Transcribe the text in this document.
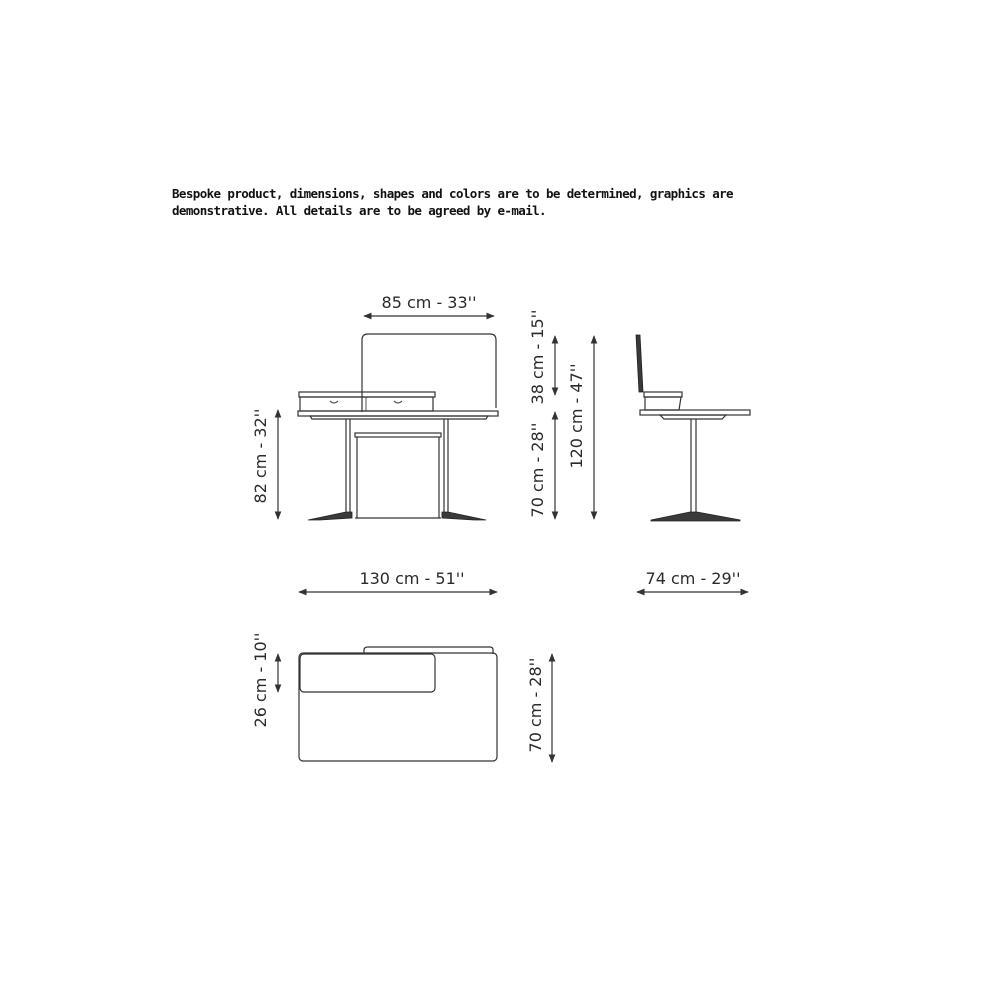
Bespoke product, dimensions, shapes and colors are to be determined, graphics are
demonstrative. All details are to be agreed by e-mail.
85 cm - 33''
82 cm - 32''
38 cm - 15''
70 cm - 28''
120 cm - 47''
130 cm - 51''	74 cm - 29''
26 cm - 10''	70 cm - 28''
